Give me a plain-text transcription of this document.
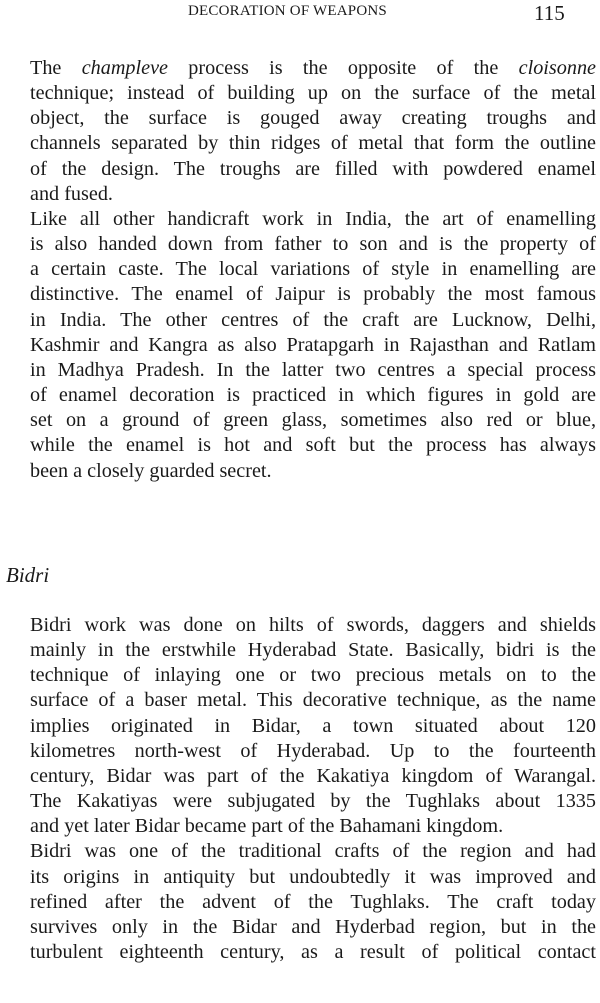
DECORATION OF WEAPONS	115
The champleve process is the opposite of the cloisonne
technique; instead of building up on the surface of the metal
object, the surface is gouged away creating troughs and
channels separated by thin ridges of metal that form the outline
of the design. The troughs are filled with powdered enamel
and fused.
Like all other handicraft work in India, the art of enamelling
is also handed down from father to son and is the property of
a certain caste. The local variations of style in enamelling are
distinctive. The enamel of Jaipur is probably the most famous
in India. The other centres of the craft are Lucknow, Delhi,
Kashmir and Kangra as also Pratapgarh in Rajasthan and Ratlam
in Madhya Pradesh. In the latter two centres a special process
of enamel decoration is practiced in which figures in gold are
set on a ground of green glass, sometimes also red or blue,
while the enamel is hot and soft but the process has always
been a closely guarded secret.
Bidri
Bidri work was done on hilts of swords, daggers and shields
mainly in the erstwhile Hyderabad State. Basically, bidri is the
technique of inlaying one or two precious metals on to the
surface of a baser metal. This decorative technique, as the name
implies originated in Bidar, a town situated about 120
kilometres north-west of Hyderabad. Up to the fourteenth
century, Bidar was part of the Kakatiya kingdom of Warangal.
The Kakatiyas were subjugated by the Tughlaks about 1335
and yet later Bidar became part of the Bahamani kingdom.
Bidri was one of the traditional crafts of the region and had
its origins in antiquity but undoubtedly it was improved and
refined after the advent of the Tughlaks. The craft today
survives only in the Bidar and Hyderbad region, but in the
turbulent eighteenth century, as a result of political contact
